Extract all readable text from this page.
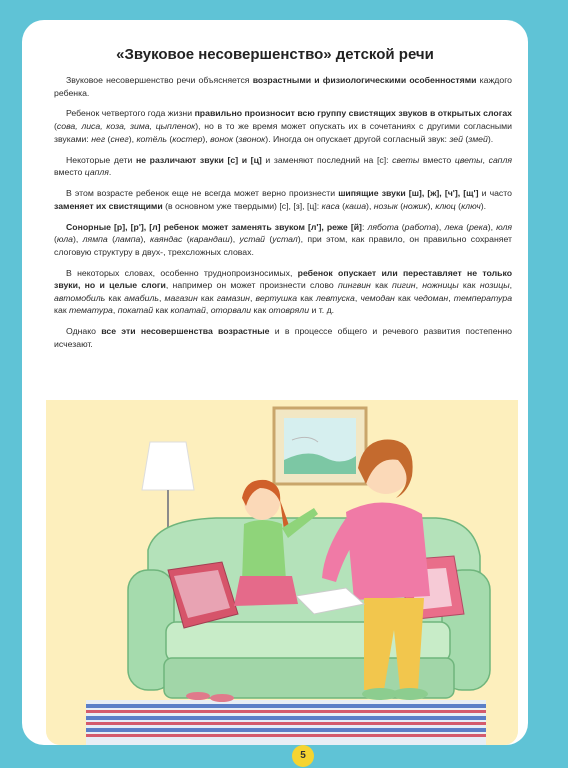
«Звуковое несовершенство» детской речи

Звуковое несовершенство речи объясняется возрастными и физиологическими особенностями каждого ребенка.

Ребенок четвертого года жизни правильно произносит всю группу свистящих звуков в открытых слогах (сова, лиса, коза, зима, цыпленок), но в то же время может опускать их в сочетаниях с другими согласными звуками: нег (снег), котёль (костер), вонок (звонок). Иногда он опускает другой согласный звук: зей (змей).

Некоторые дети не различают звуки [с] и [ц] и заменяют последний на [с]: светы вместо цветы, сапля вместо цапля.

В этом возрасте ребенок еще не всегда может верно произнести шипящие звуки [ш], [ж], [ч'], [щ'] и часто заменяет их свистящими (в основном уже твердыми) [с], [з], [ц]: каса (каша), нозык (ножик), клюц (ключ).

Сонорные [р], [р'], [л] ребенок может заменять звуком [л'], реже [й]: лябота (работа), лека (река), юля (юла), лямпа (лампа), каяндас (карандаш), устай (устал), при этом, как правило, он правильно сохраняет слоговую структуру в двух-, трехсложных словах.

В некоторых словах, особенно труднопроизносимых, ребенок опускает или переставляет не только звуки, но и целые слоги, например он может произнести слово пингвин как пигин, ножницы как нозицы, автомобиль как амабиль, магазин как гамазин, вертушка как левтуска, чемодан как чедоман, температура как тематура, покатай как копатай, оторвали как отовряли и т. д.

Однако все эти несовершенства возрастные и в процессе общего и речевого развития постепенно исчезают.

5
